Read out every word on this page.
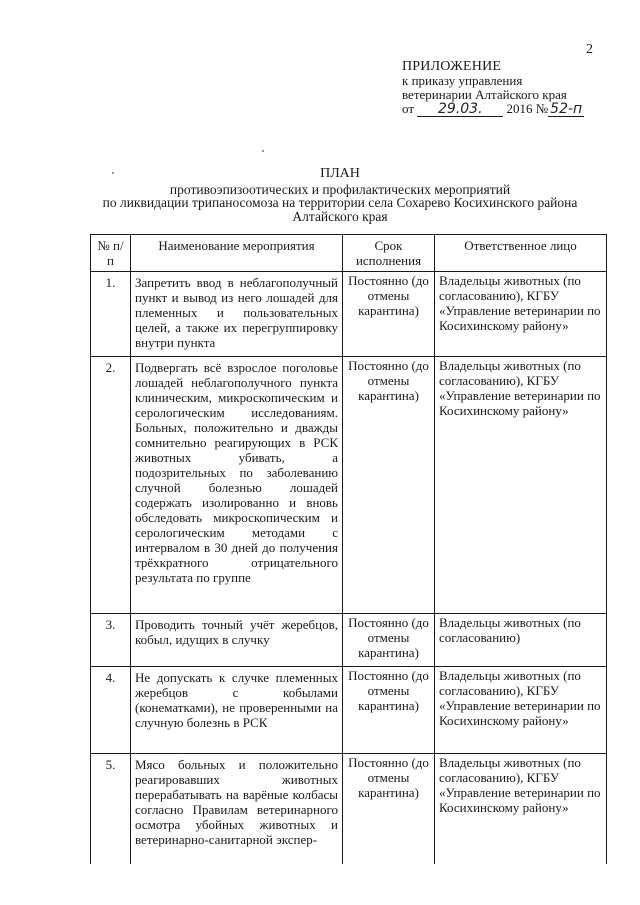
2
ПРИЛОЖЕНИЕ
к приказу управления
ветеринарии Алтайского края
от 29.03. 2016 № 52-п
ПЛАН
противоэпизоотических и профилактических мероприятий
по ликвидации трипаносомоза на территории села Сохарево Косихинского района
Алтайского края
№ п/п	Наименование мероприятия	Срок исполнения	Ответственное лицо
1.	Запретить ввод в неблагополучный пункт и вывод из него лошадей для племенных и пользовательных целей, а также их перегруппировку внутри пункта	Постоянно (до отмены карантина)	Владельцы животных (по согласованию), КГБУ «Управление ветеринарии по Косихинскому району»
2.	Подвергать всё взрослое поголовье лошадей неблагополучного пункта клиническим, микроскопическим и серологическим исследованиям. Больных, положительно и дважды сомнительно реагирующих в РСК животных убивать, а подозрительных по заболеванию случной болезнью лошадей содержать изолированно и вновь обследовать микроскопическим и серологическим методами с интервалом в 30 дней до получения трёхкратного отрицательного результата по группе	Постоянно (до отмены карантина)	Владельцы животных (по согласованию), КГБУ «Управление ветеринарии по Косихинскому району»
3.	Проводить точный учёт жеребцов, кобыл, идущих в случку	Постоянно (до отмены карантина)	Владельцы животных (по согласованию)
4.	Не допускать к случке племенных жеребцов с кобылами (конематками), не проверенными на случную болезнь в РСК	Постоянно (до отмены карантина)	Владельцы животных (по согласованию), КГБУ «Управление ветеринарии по Косихинскому району»
5.	Мясо больных и положительно реагировавших животных перерабатывать на варёные колбасы согласно Правилам ветеринарного осмотра убойных животных и ветеринарно-санитарной экспер-	Постоянно (до отмены карантина)	Владельцы животных (по согласованию), КГБУ «Управление ветеринарии по Косихинскому району»
